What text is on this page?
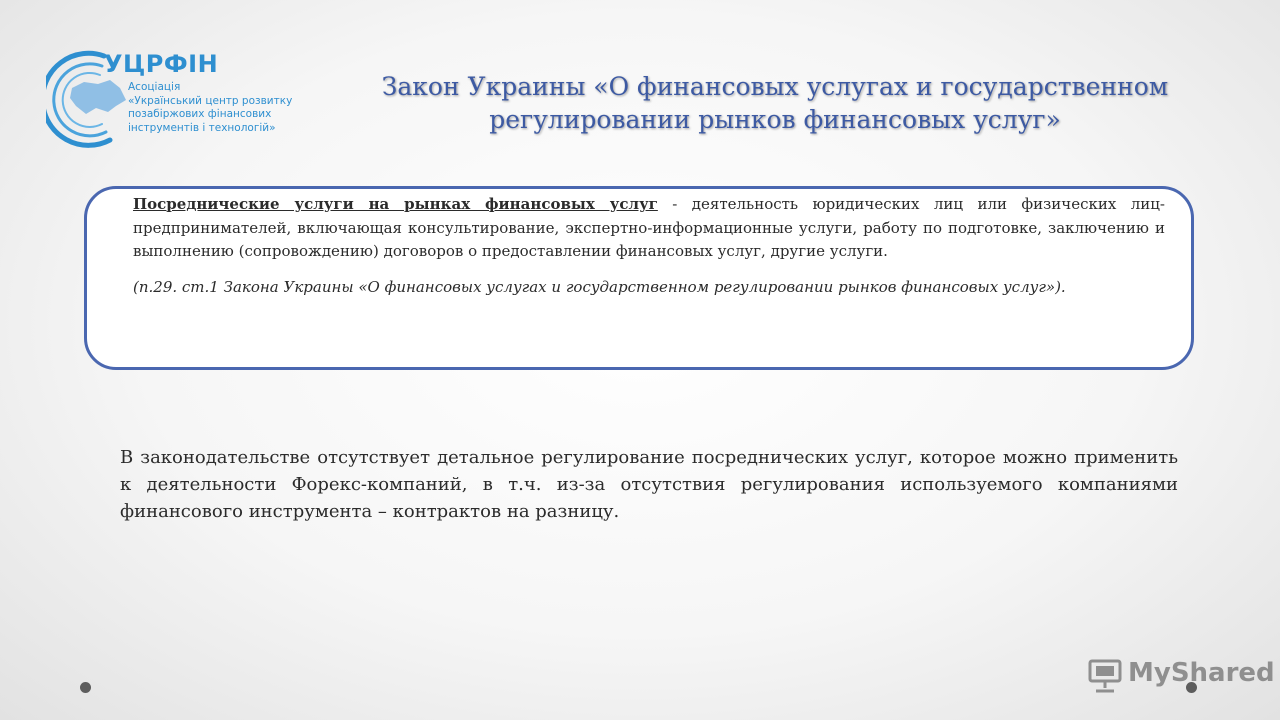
УЦРФІН
Асоціація
«Український центр розвитку
позабіржових фінансових
інструментів і технологій»
Закон Украины «О финансовых услугах и государственном регулировании рынков финансовых услуг»
Посреднические услуги на рынках финансовых услуг - деятельность юридических лиц или физических лиц-предпринимателей, включающая консультирование, экспертно-информационные услуги, работу по подготовке, заключению и выполнению (сопровождению) договоров о предоставлении финансовых услуг, другие услуги.
(п.29. ст.1 Закона Украины «О финансовых услугах и государственном регулировании рынков финансовых услуг»).
В законодательстве отсутствует детальное регулирование посреднических услуг, которое можно применить к деятельности Форекс-компаний, в т.ч. из-за отсутствия регулирования используемого компаниями финансового инструмента – контрактов на разницу.
MyShared
